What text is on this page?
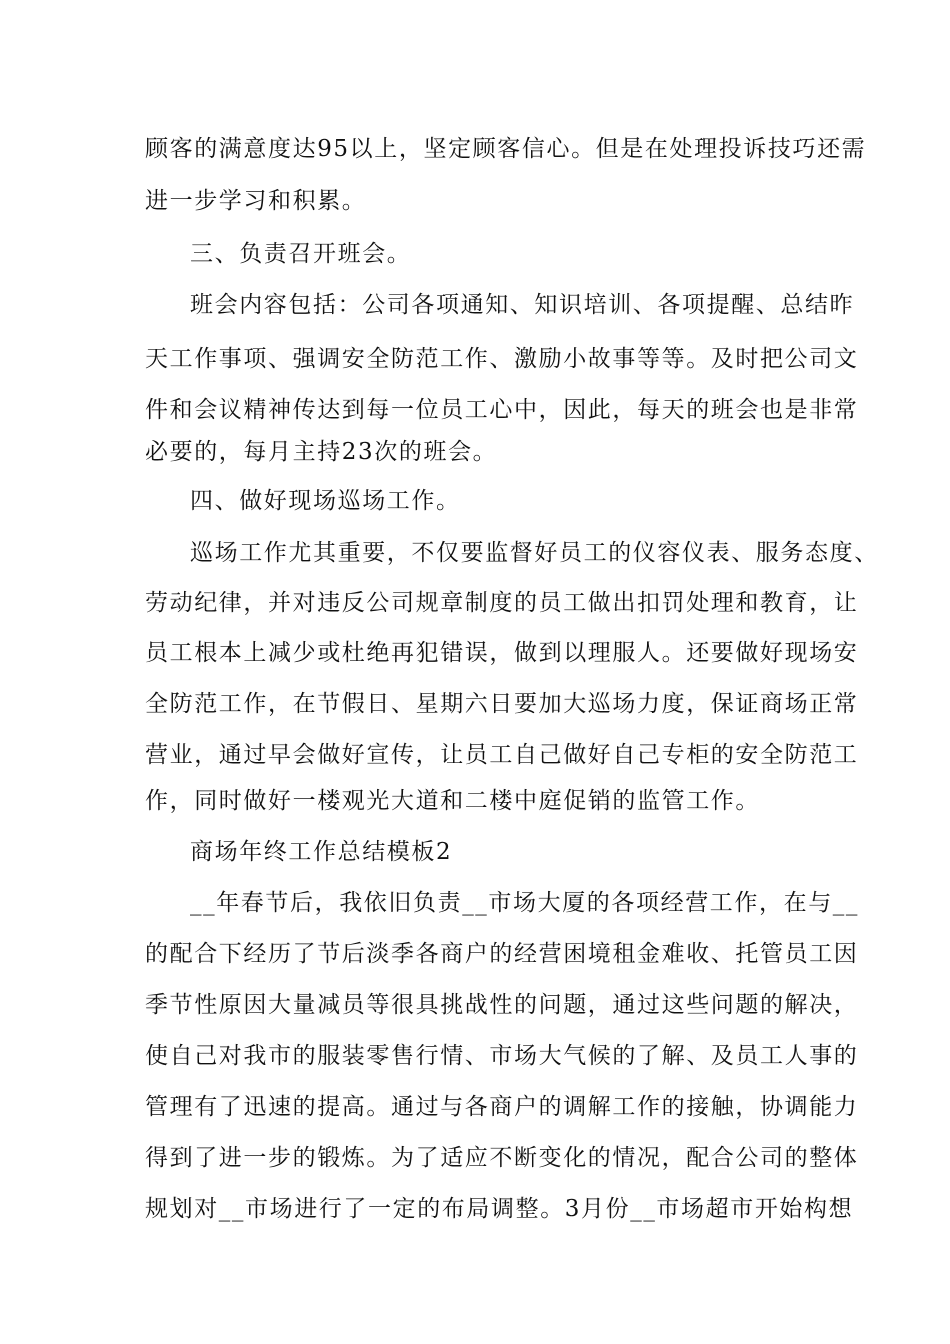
顾客的满意度达95以上，坚定顾客信心。但是在处理投诉技巧还需
进一步学习和积累。
三、负责召开班会。
班会内容包括：公司各项通知、知识培训、各项提醒、总结昨
天工作事项、强调安全防范工作、激励小故事等等。及时把公司文
件和会议精神传达到每一位员工心中，因此，每天的班会也是非常
必要的，每月主持23次的班会。
四、做好现场巡场工作。
巡场工作尤其重要，不仅要监督好员工的仪容仪表、服务态度、
劳动纪律，并对违反公司规章制度的员工做出扣罚处理和教育，让
员工根本上减少或杜绝再犯错误，做到以理服人。还要做好现场安
全防范工作，在节假日、星期六日要加大巡场力度，保证商场正常
营业，通过早会做好宣传，让员工自己做好自己专柜的安全防范工
作，同时做好一楼观光大道和二楼中庭促销的监管工作。
商场年终工作总结模板2
__年春节后，我依旧负责__市场大厦的各项经营工作，在与__
的配合下经历了节后淡季各商户的经营困境租金难收、托管员工因
季节性原因大量减员等很具挑战性的问题，通过这些问题的解决，
使自己对我市的服装零售行情、市场大气候的了解、及员工人事的
管理有了迅速的提高。通过与各商户的调解工作的接触，协调能力
得到了进一步的锻炼。为了适应不断变化的情况，配合公司的整体
规划对__市场进行了一定的布局调整。3月份__市场超市开始构想
